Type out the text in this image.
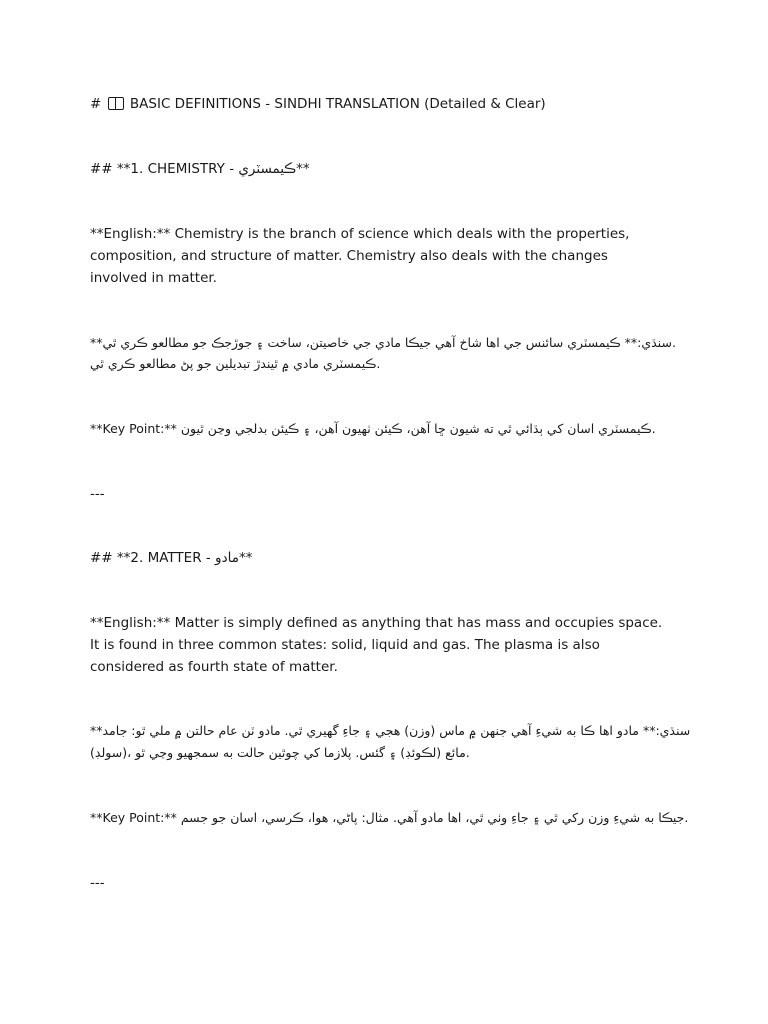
# BASIC DEFINITIONS - SINDHI TRANSLATION (Detailed & Clear)
## **1. CHEMISTRY - ڪيمسٽري**
**English:** Chemistry is the branch of science which deals with the properties, composition, and structure of matter. Chemistry also deals with the changes involved in matter.
**سنڌي:** ڪيمسٽري سائنس جي اها شاخ آهي جيڪا مادي جي خاصيتن، ساخت ۽ جوڙجڪ جو مطالعو ڪري ٿي.
ڪيمسٽري مادي ۾ ٿيندڙ تبديلين جو پڻ مطالعو ڪري ٿي.
**Key Point:** ڪيمسٽري اسان کي ٻڌائي ٿي ته شيون ڇا آهن، ڪيئن ٺهيون آهن، ۽ ڪيئن بدلجي وڃن ٿيون.
---
## **2. MATTER - مادو**
**English:** Matter is simply defined as anything that has mass and occupies space. It is found in three common states: solid, liquid and gas. The plasma is also considered as fourth state of matter.
**سنڌي:** مادو اها ڪا به شيءِ آهي جنهن ۾ ماس (وزن) هجي ۽ جاءِ گهيري ٿي. مادو ٽن عام حالتن ۾ ملي ٿو: جامد
(سولڊ)، مائع (لڪوئڊ) ۽ گئس. پلازما کي چوٿين حالت به سمجهيو وڃي ٿو.
**Key Point:** جيڪا به شيءِ وزن رکي ٿي ۽ جاءِ وٺي ٿي، اها مادو آهي. مثال: پاڻي، هوا، ڪرسي، اسان جو جسم.
---
